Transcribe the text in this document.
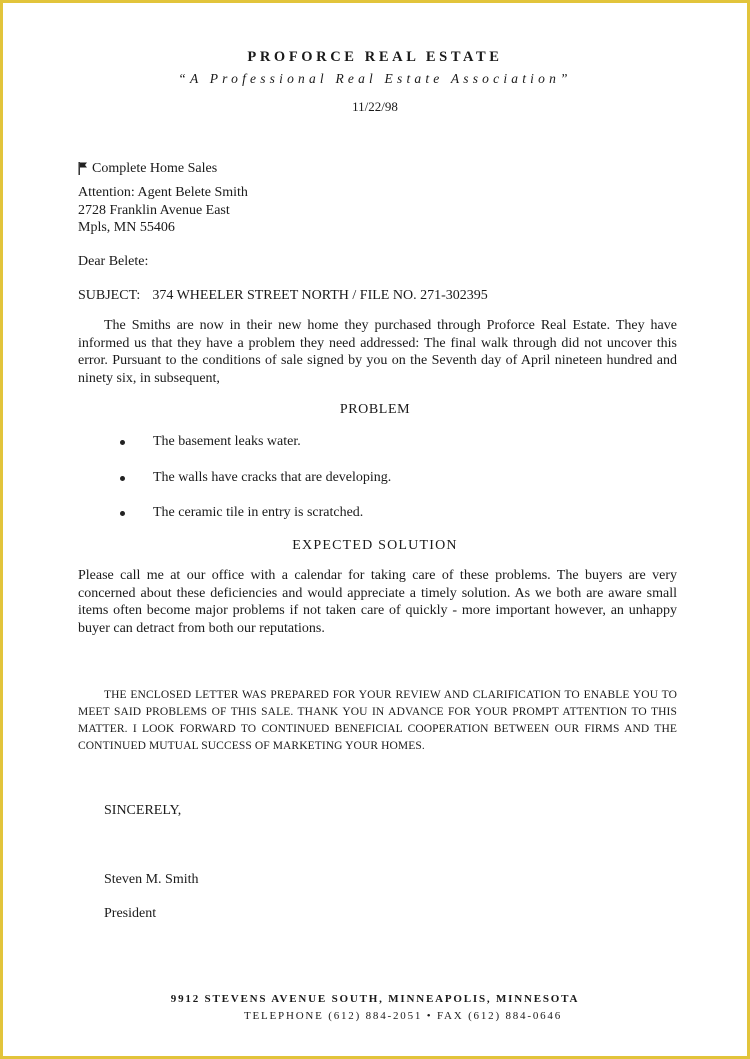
PROFORCE REAL ESTATE
“A Professional Real Estate Association”
11/22/98
Complete Home Sales
Attention: Agent Belete Smith
2728 Franklin Avenue East
Mpls, MN 55406
Dear Belete:
SUBJECT: 374 WHEELER STREET NORTH / FILE NO. 271-302395
The Smiths are now in their new home they purchased through Proforce Real Estate. They have informed us that they have a problem they need addressed: The final walk through did not uncover this error. Pursuant to the conditions of sale signed by you on the Seventh day of April nineteen hundred and ninety six, in subsequent,
PROBLEM
The basement leaks water.
The walls have cracks that are developing.
The ceramic tile in entry is scratched.
EXPECTED SOLUTION
Please call me at our office with a calendar for taking care of these problems. The buyers are very concerned about these deficiencies and would appreciate a timely solution. As we both are aware small items often become major problems if not taken care of quickly - more important however, an unhappy buyer can detract from both our reputations.
THE ENCLOSED LETTER WAS PREPARED FOR YOUR REVIEW AND CLARIFICATION TO ENABLE YOU TO MEET SAID PROBLEMS OF THIS SALE. THANK YOU IN ADVANCE FOR YOUR PROMPT ATTENTION TO THIS MATTER. I LOOK FORWARD TO CONTINUED BENEFICIAL COOPERATION BETWEEN OUR FIRMS AND THE CONTINUED MUTUAL SUCCESS OF MARKETING YOUR HOMES.
SINCERELY,
Steven M. Smith
President
9912 STEVENS AVENUE SOUTH, MINNEAPOLIS, MINNESOTA
TELEPHONE (612) 884-2051 • FAX (612) 884-0646
